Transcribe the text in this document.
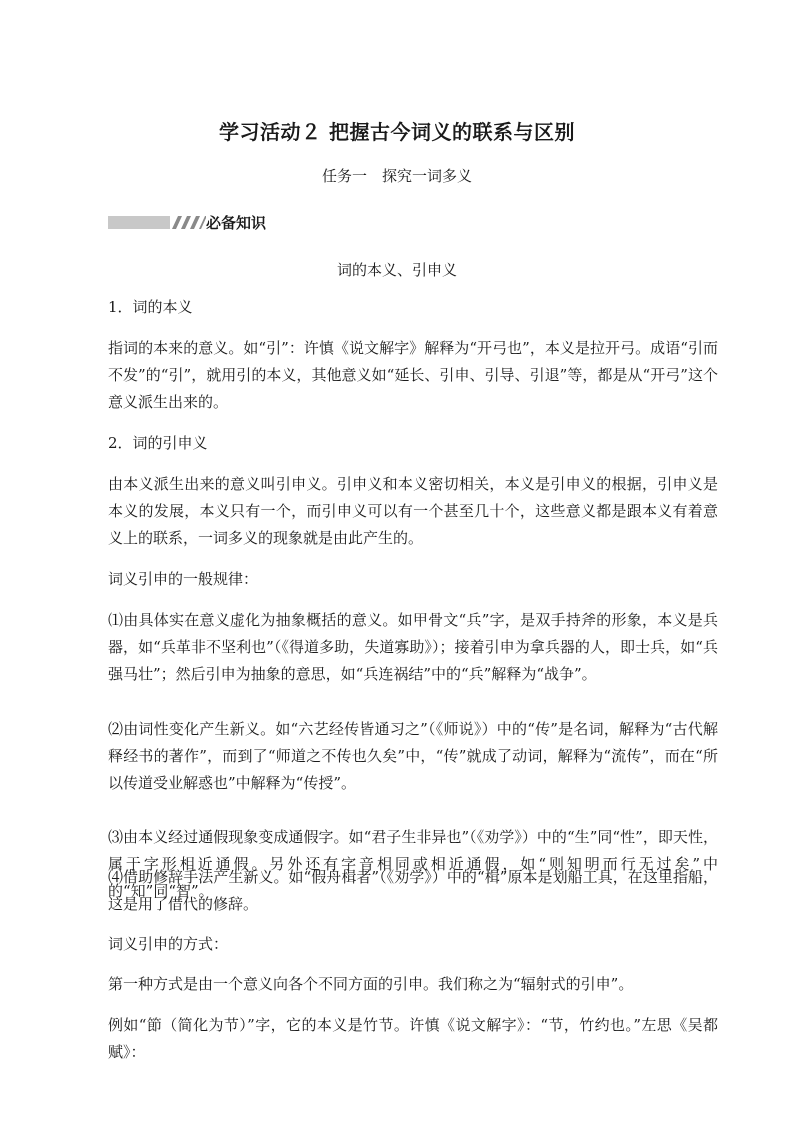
学习活动２ 把握古今词义的联系与区别
任务一　探究一词多义
必备知识
词的本义、引申义

1．词的本义

指词的本来的意义。如“引”：许慎《说文解字》解释为“开弓也”，本义是拉开弓。成语“引而不发”的“引”，就用引的本义，其他意义如“延长、引申、引导、引退”等，都是从“开弓”这个意义派生出来的。

2．词的引申义

由本义派生出来的意义叫引申义。引申义和本义密切相关，本义是引申义的根据，引申义是本义的发展，本义只有一个，而引申义可以有一个甚至几十个，这些意义都是跟本义有着意义上的联系，一词多义的现象就是由此产生的。

词义引申的一般规律：

⑴由具体实在意义虚化为抽象概括的意义。如甲骨文“兵”字，是双手持斧的形象，本义是兵器，如“兵革非不坚利也”（《得道多助，失道寡助》）；接着引申为拿兵器的人，即士兵，如“兵强马壮”；然后引申为抽象的意思，如“兵连祸结”中的“兵”解释为“战争”。

⑵由词性变化产生新义。如“六艺经传皆通习之”（《师说》）中的“传”是名词，解释为“古代解释经书的著作”，而到了“师道之不传也久矣”中，“传”就成了动词，解释为“流传”，而在“所以传道受业解惑也”中解释为“传授”。

⑶由本义经过通假现象变成通假字。如“君子生非异也”（《劝学》）中的“生”同“性”，即天性，属于字形相近通假。另外还有字音相同或相近通假，如“则知明而行无过矣”中的“知”同“智”。

⑷借助修辞手法产生新义。如“假舟楫者”（《劝学》）中的“楫”原本是划船工具，在这里指船，这是用了借代的修辞。

词义引申的方式：

第一种方式是由一个意义向各个不同方面的引申。我们称之为“辐射式的引申”。

例如“節（简化为节）”字，它的本义是竹节。许慎《说文解字》：“节，竹约也。”左思《吴都赋》：
